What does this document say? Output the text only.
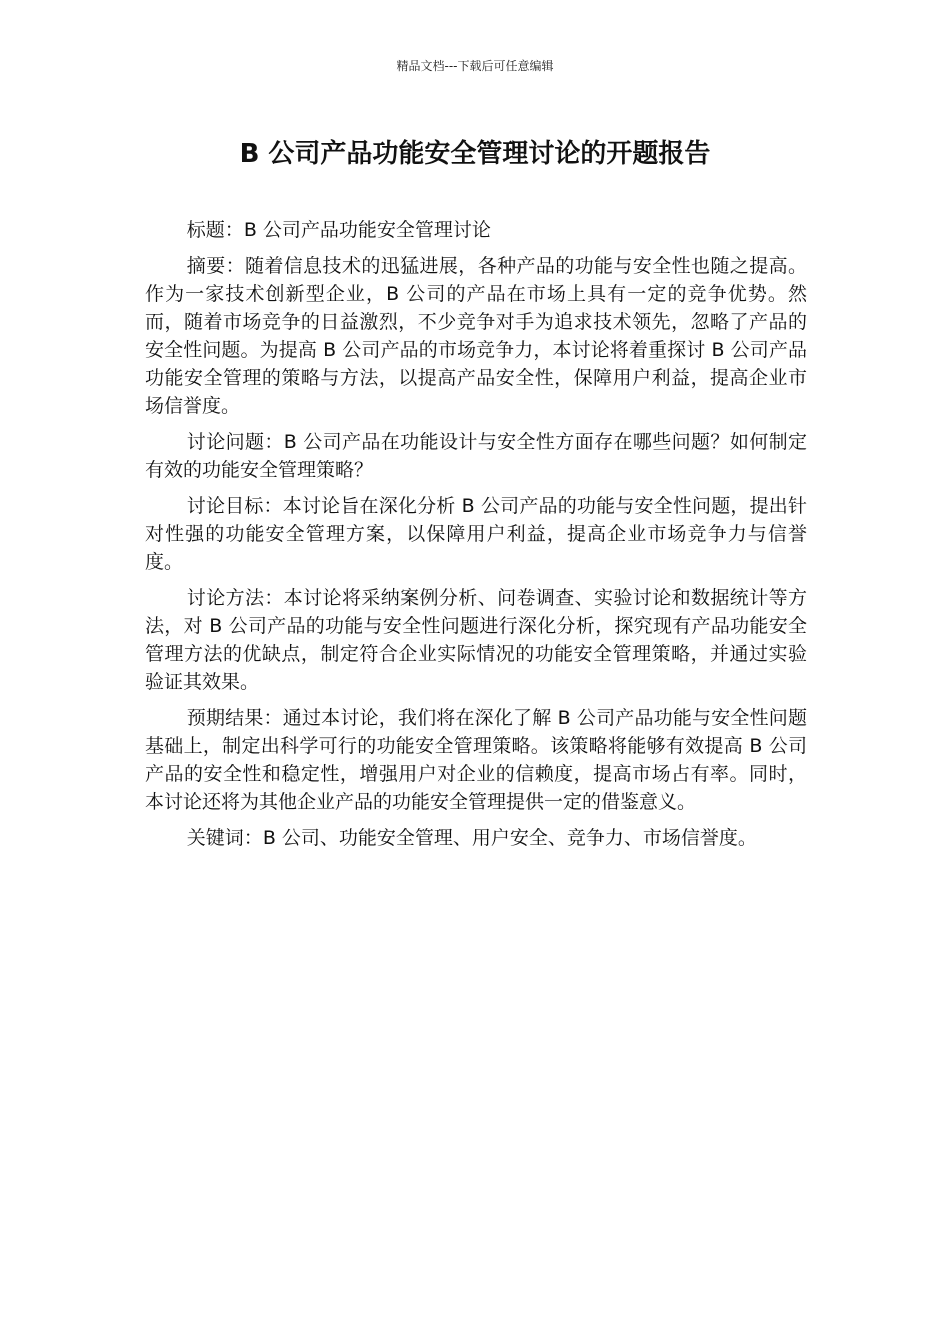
精品文档---下载后可任意编辑
B 公司产品功能安全管理讨论的开题报告

标题：B 公司产品功能安全管理讨论

摘要：随着信息技术的迅猛进展，各种产品的功能与安全性也随之提高。作为一家技术创新型企业，B 公司的产品在市场上具有一定的竞争优势。然而，随着市场竞争的日益激烈，不少竞争对手为追求技术领先，忽略了产品的安全性问题。为提高 B 公司产品的市场竞争力，本讨论将着重探讨 B 公司产品功能安全管理的策略与方法，以提高产品安全性，保障用户利益，提高企业市场信誉度。

讨论问题：B 公司产品在功能设计与安全性方面存在哪些问题？如何制定有效的功能安全管理策略？

讨论目标：本讨论旨在深化分析 B 公司产品的功能与安全性问题，提出针对性强的功能安全管理方案，以保障用户利益，提高企业市场竞争力与信誉度。

讨论方法：本讨论将采纳案例分析、问卷调查、实验讨论和数据统计等方法，对 B 公司产品的功能与安全性问题进行深化分析，探究现有产品功能安全管理方法的优缺点，制定符合企业实际情况的功能安全管理策略，并通过实验验证其效果。

预期结果：通过本讨论，我们将在深化了解 B 公司产品功能与安全性问题基础上，制定出科学可行的功能安全管理策略。该策略将能够有效提高 B 公司产品的安全性和稳定性，增强用户对企业的信赖度，提高市场占有率。同时，本讨论还将为其他企业产品的功能安全管理提供一定的借鉴意义。

关键词：B 公司、功能安全管理、用户安全、竞争力、市场信誉度。
